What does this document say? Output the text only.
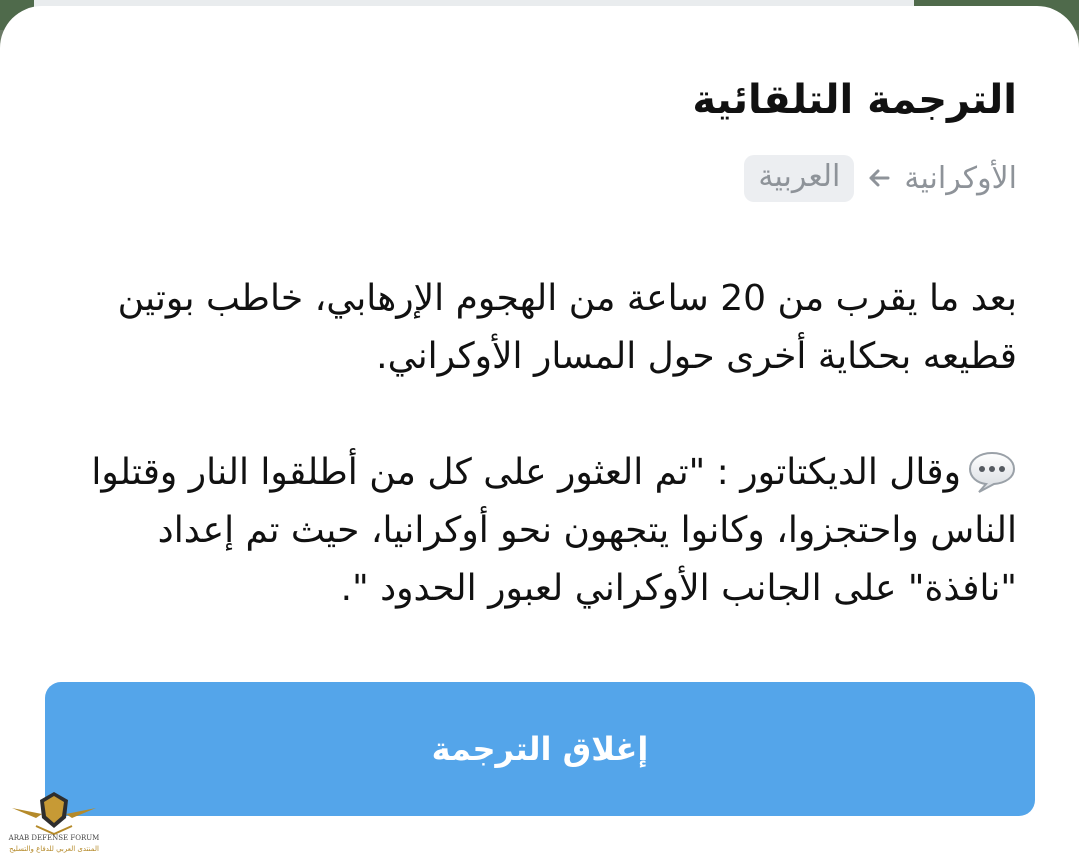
الترجمة التلقائية
الأوكرانية
العربية

بعد ما يقرب من 20 ساعة من الهجوم الإرهابي، خاطب بوتين قطيعه بحكاية أخرى حول المسار الأوكراني.

وقال الديكتاتور : "تم العثور على كل من أطلقوا النار وقتلوا الناس واحتجزوا، وكانوا يتجهون نحو أوكرانيا، حيث تم إعداد "نافذة" على الجانب الأوكراني لعبور الحدود ".

إغلاق الترجمة
ARAB DEFENSE FORUM
المنتدى العربي للدفاع والتسليح
